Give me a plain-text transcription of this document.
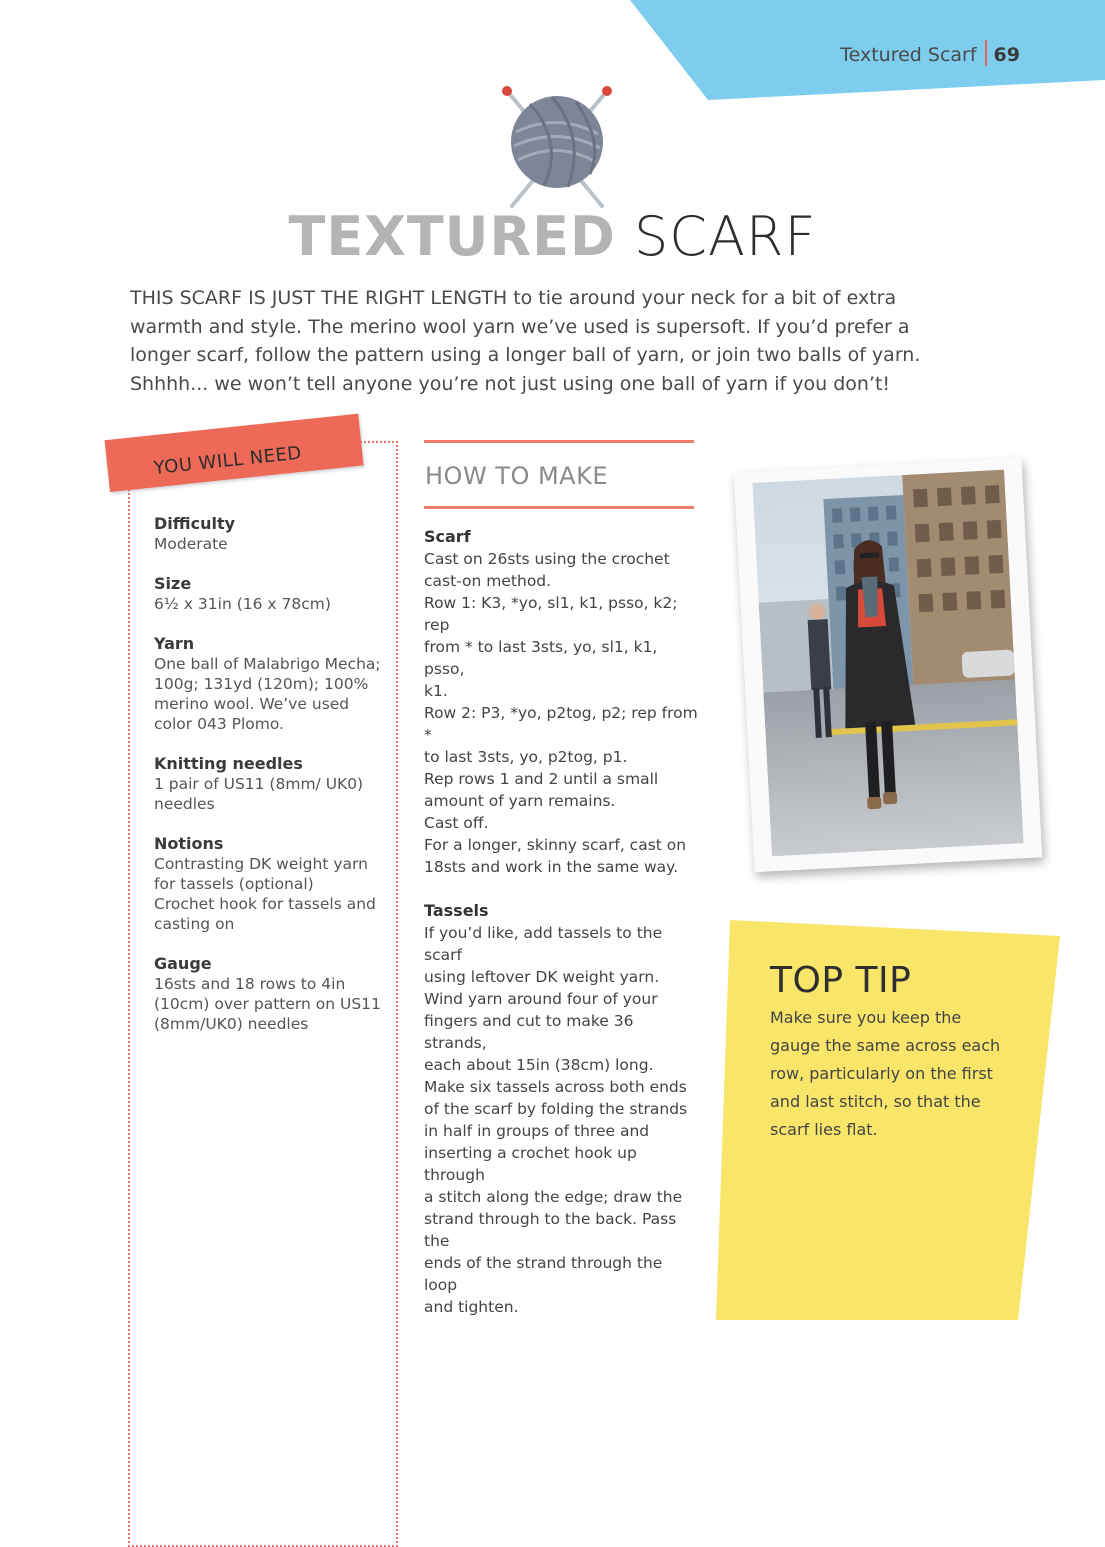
Textured Scarf 69
TEXTURED SCARF
THIS SCARF IS JUST THE RIGHT LENGTH to tie around your neck for a bit of extra warmth and style. The merino wool yarn we’ve used is supersoft. If you’d prefer a longer scarf, follow the pattern using a longer ball of yarn, or join two balls of yarn. Shhhh... we won’t tell anyone you’re not just using one ball of yarn if you don’t!
YOU WILL NEED
Difficulty
Moderate
Size
6½ x 31in (16 x 78cm)
Yarn
One ball of Malabrigo Mecha;
100g; 131yd (120m); 100%
merino wool. We’ve used
color 043 Plomo.
Knitting needles
1 pair of US11 (8mm/ UK0)
needles
Notions
Contrasting DK weight yarn
for tassels (optional)
Crochet hook for tassels and
casting on
Gauge
16sts and 18 rows to 4in
(10cm) over pattern on US11
(8mm/UK0) needles
HOW TO MAKE
Scarf
Cast on 26sts using the crochet
cast-on method.
Row 1: K3, *yo, sl1, k1, psso, k2; rep
from * to last 3sts, yo, sl1, k1, psso,
k1.
Row 2: P3, *yo, p2tog, p2; rep from *
to last 3sts, yo, p2tog, p1.
Rep rows 1 and 2 until a small
amount of yarn remains.
Cast off.
For a longer, skinny scarf, cast on
18sts and work in the same way.
Tassels
If you’d like, add tassels to the scarf
using leftover DK weight yarn.
Wind yarn around four of your
fingers and cut to make 36 strands,
each about 15in (38cm) long.
Make six tassels across both ends
of the scarf by folding the strands
in half in groups of three and
inserting a crochet hook up through
a stitch along the edge; draw the
strand through to the back. Pass the
ends of the strand through the loop
and tighten.
TOP TIP
Make sure you keep the gauge the same across each row, particularly on the first and last stitch, so that the scarf lies flat.
